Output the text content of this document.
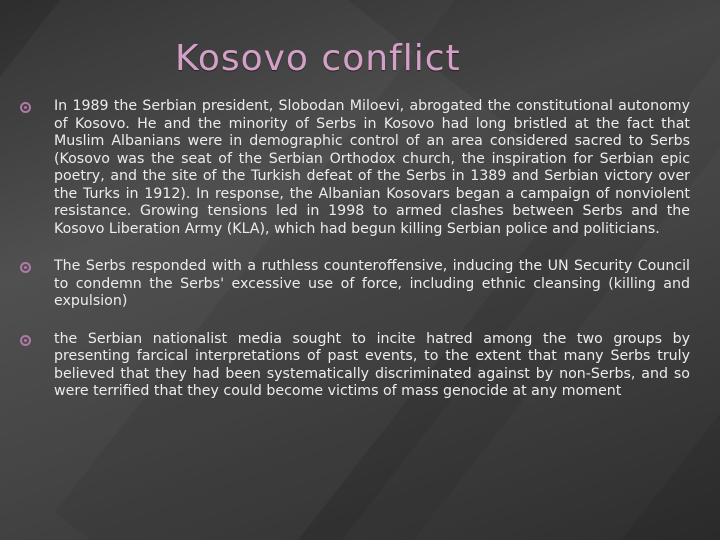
Kosovo conflict
In 1989 the Serbian president, Slobodan Miloevi, abrogated the constitutional autonomy of Kosovo. He and the minority of Serbs in Kosovo had long bristled at the fact that Muslim Albanians were in demographic control of an area considered sacred to Serbs (Kosovo was the seat of the Serbian Orthodox church, the inspiration for Serbian epic poetry, and the site of the Turkish defeat of the Serbs in 1389 and Serbian victory over the Turks in 1912). In response, the Albanian Kosovars began a campaign of nonviolent resistance. Growing tensions led in 1998 to armed clashes between Serbs and the Kosovo Liberation Army (KLA), which had begun killing Serbian police and politicians.
The Serbs responded with a ruthless counteroffensive, inducing the UN Security Council to condemn the Serbs' excessive use of force, including ethnic cleansing (killing and expulsion)
the Serbian nationalist media sought to incite hatred among the two groups by presenting farcical interpretations of past events, to the extent that many Serbs truly believed that they had been systematically discriminated against by non-Serbs, and so were terrified that they could become victims of mass genocide at any moment
